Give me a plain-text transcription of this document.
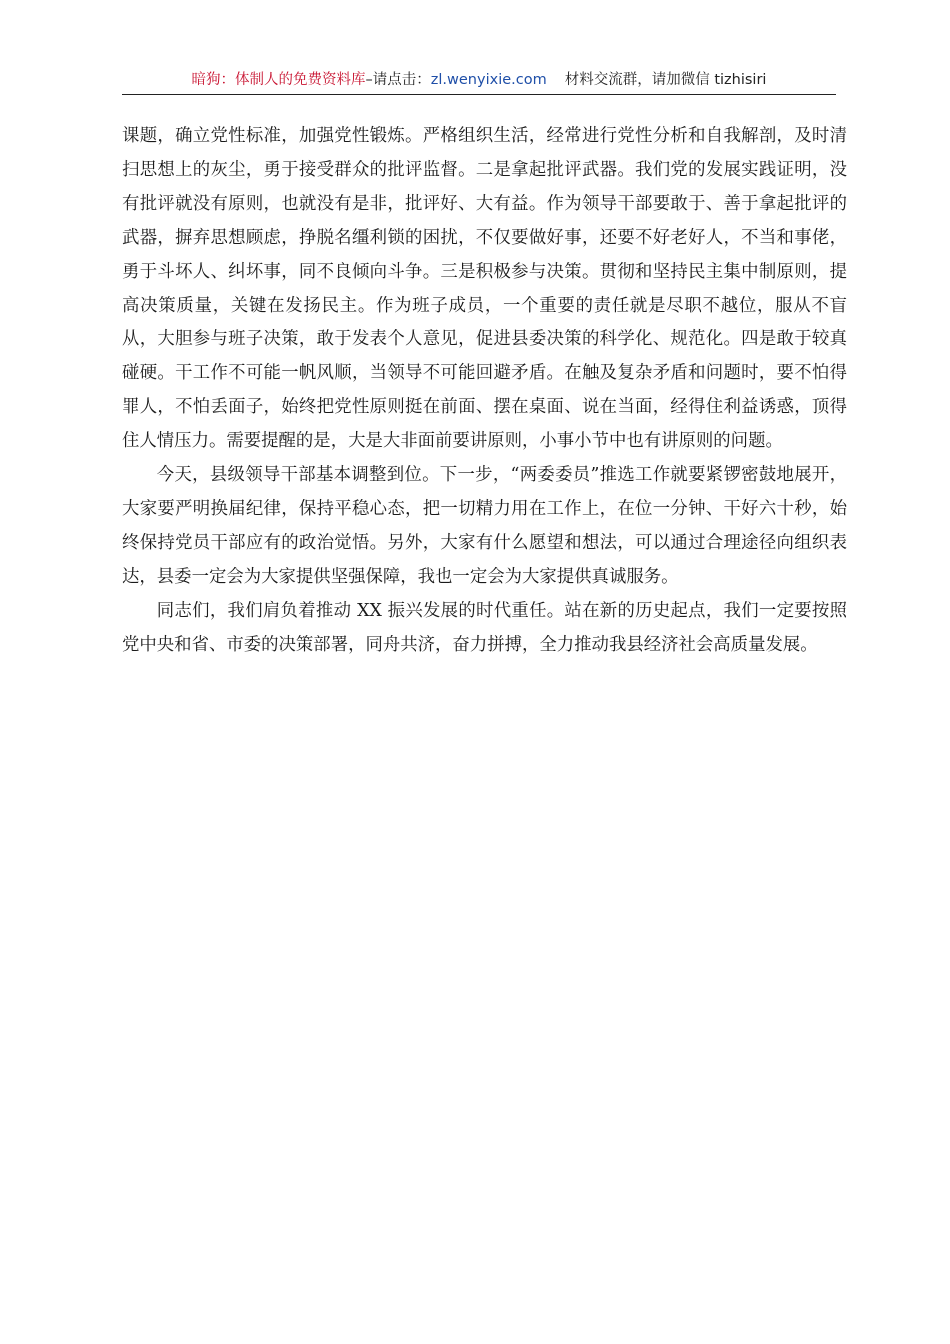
暗狗：体制人的免费资料库–请点击：zl.wenyixie.com 材料交流群，请加微信 tizhisiri

课题，确立党性标准，加强党性锻炼。严格组织生活，经常进行党性分析和自我解剖，及时清扫思想上的灰尘，勇于接受群众的批评监督。二是拿起批评武器。我们党的发展实践证明，没有批评就没有原则，也就没有是非，批评好、大有益。作为领导干部要敢于、善于拿起批评的武器，摒弃思想顾虑，挣脱名缰利锁的困扰，不仅要做好事，还要不好老好人，不当和事佬，勇于斗坏人、纠坏事，同不良倾向斗争。三是积极参与决策。贯彻和坚持民主集中制原则，提高决策质量，关键在发扬民主。作为班子成员，一个重要的责任就是尽职不越位，服从不盲从，大胆参与班子决策，敢于发表个人意见，促进县委决策的科学化、规范化。四是敢于较真碰硬。干工作不可能一帆风顺，当领导不可能回避矛盾。在触及复杂矛盾和问题时，要不怕得罪人，不怕丢面子，始终把党性原则挺在前面、摆在桌面、说在当面，经得住利益诱惑，顶得住人情压力。需要提醒的是，大是大非面前要讲原则，小事小节中也有讲原则的问题。

今天，县级领导干部基本调整到位。下一步，“两委委员”推选工作就要紧锣密鼓地展开，大家要严明换届纪律，保持平稳心态，把一切精力用在工作上，在位一分钟、干好六十秒，始终保持党员干部应有的政治觉悟。另外，大家有什么愿望和想法，可以通过合理途径向组织表达，县委一定会为大家提供坚强保障，我也一定会为大家提供真诚服务。

同志们，我们肩负着推动 XX 振兴发展的时代重任。站在新的历史起点，我们一定要按照党中央和省、市委的决策部署，同舟共济，奋力拼搏，全力推动我县经济社会高质量发展。
